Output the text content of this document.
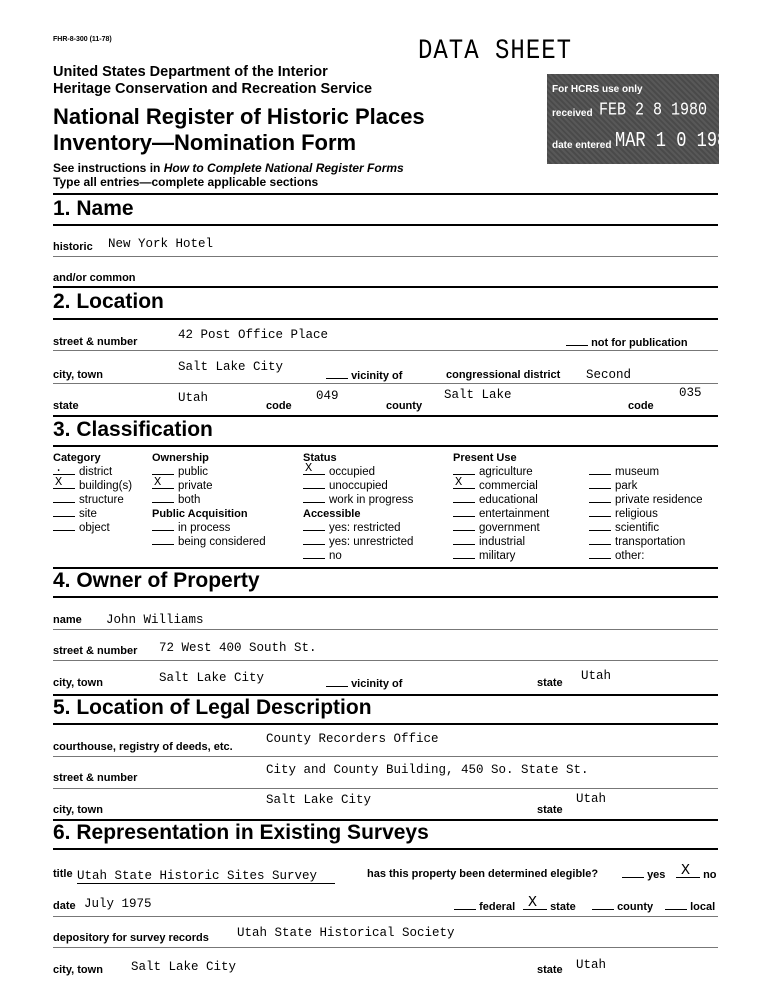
FHR-8-300 (11-78)	DATA SHEET
United States Department of the Interior
Heritage Conservation and Recreation Service
National Register of Historic Places
Inventory—Nomination Form
See instructions in How to Complete National Register Forms
Type all entries—complete applicable sections
For HCRS use only
received FEB 2 8 1980
date entered MAR 1 0 1980
1. Name
historic New York Hotel
and/or common
2. Location
street & number	42 Post Office Place
not for publication
city, town
Salt Lake City
vicinity of	congressional district Second
state
Utah
code
049
county
Salt Lake
code
035
3. Classification
Category
. district
X building(s)
structure
site
object
Ownership
public
X private
both
Public Acquisition
in process
being considered
Status
X occupied
unoccupied
work in progress
Accessible
yes: restricted
yes: unrestricted
no
Present Use
agriculture
X commercial
educational
entertainment
government
industrial
military
museum
park
private residence
religious
scientific
transportation
other:
4. Owner of Property
name John Williams
street & number 72 West 400 South St.
city, town	Salt Lake City	vicinity of	state Utah
5. Location of Legal Description
courthouse, registry of deeds, etc.
County Recorders Office
street & number
City and County Building, 450 So. State St.
city, town
Salt Lake City
state
Utah
6. Representation in Existing Surveys
title Utah State Historic Sites Survey	has this property been determined elegible?	yes X no
date July 1975	federal X state	county	local
depository for survey records Utah State Historical Society
city, town Salt Lake City	state Utah
